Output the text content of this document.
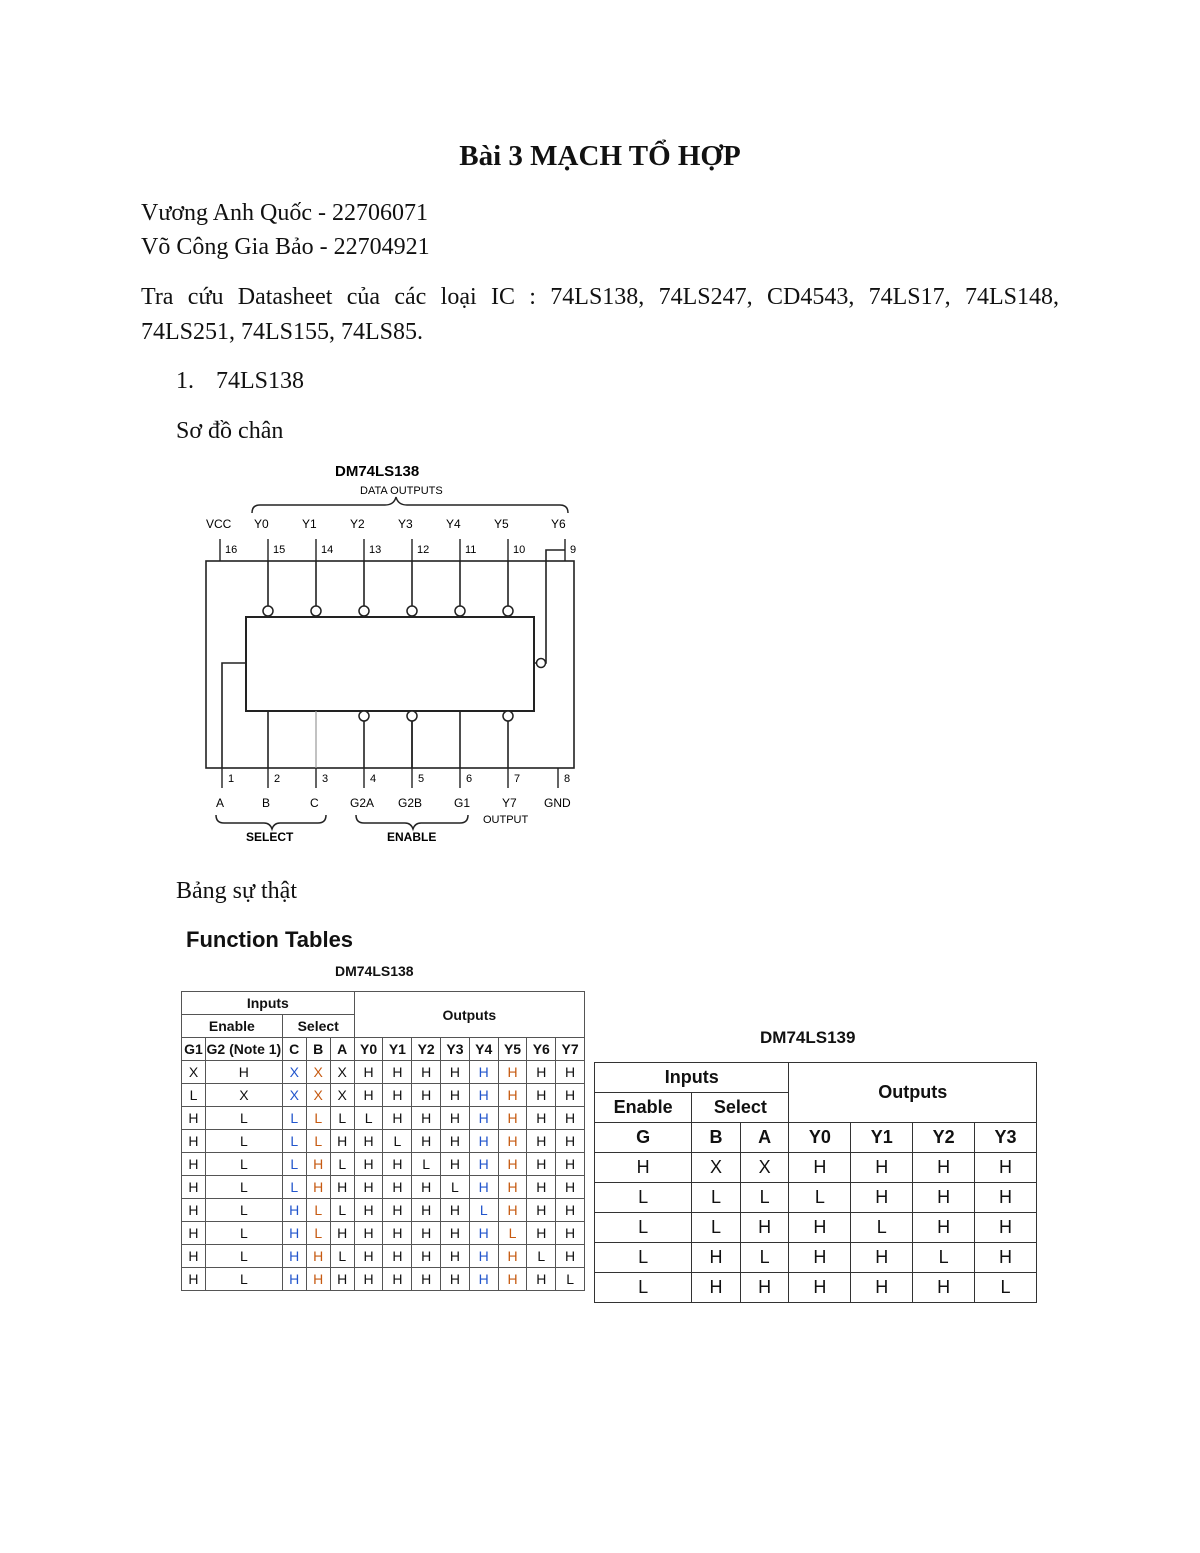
Bài 3 MẠCH TỔ HỢP
Vương Anh Quốc - 22706071
Võ Công Gia Bảo - 22704921
Tra cứu Datasheet của các loại IC : 74LS138, 74LS247, CD4543, 74LS17, 74LS148, 74LS251, 74LS155, 74LS85.
1. 74LS138
Sơ đồ chân
DM74LS138
DATA OUTPUTS
VCC
16
Y0
15
Y1
14
Y2
13
Y3
12
Y4
11
Y5
10
Y6
9
1
A
2
B
3
C
4
G2A
5
G2B
6
G1
7
Y7
8
GND
SELECT	ENABLE
OUTPUT
Bảng sự thật
Function Tables
DM74LS138
Inputs					Outputs							
Enable		Select										
G1	G2 (Note 1)	C	B	A	Y0	Y1	Y2	Y3	Y4	Y5	Y6	Y7
X	H	X	X	X	H	H	H	H	H	H	H	H
L	X	X	X	X	H	H	H	H	H	H	H	H
H	L	L	L	L	L	H	H	H	H	H	H	H
H	L	L	L	H	H	L	H	H	H	H	H	H
H	L	L	H	L	H	H	L	H	H	H	H	H
H	L	L	H	H	H	H	H	L	H	H	H	H
H	L	H	L	L	H	H	H	H	L	H	H	H
H	L	H	L	H	H	H	H	H	H	L	H	H
H	L	H	H	L	H	H	H	H	H	H	L	H
H	L	H	H	H	H	H	H	H	H	H	H	L
DM74LS139
Inputs			Outputs			
Enable	Select					
G	B	A	Y0	Y1	Y2	Y3
H	X	X	H	H	H	H
L	L	L	L	H	H	H
L	L	H	H	L	H	H
L	H	L	H	H	L	H
L	H	H	H	H	H	L
